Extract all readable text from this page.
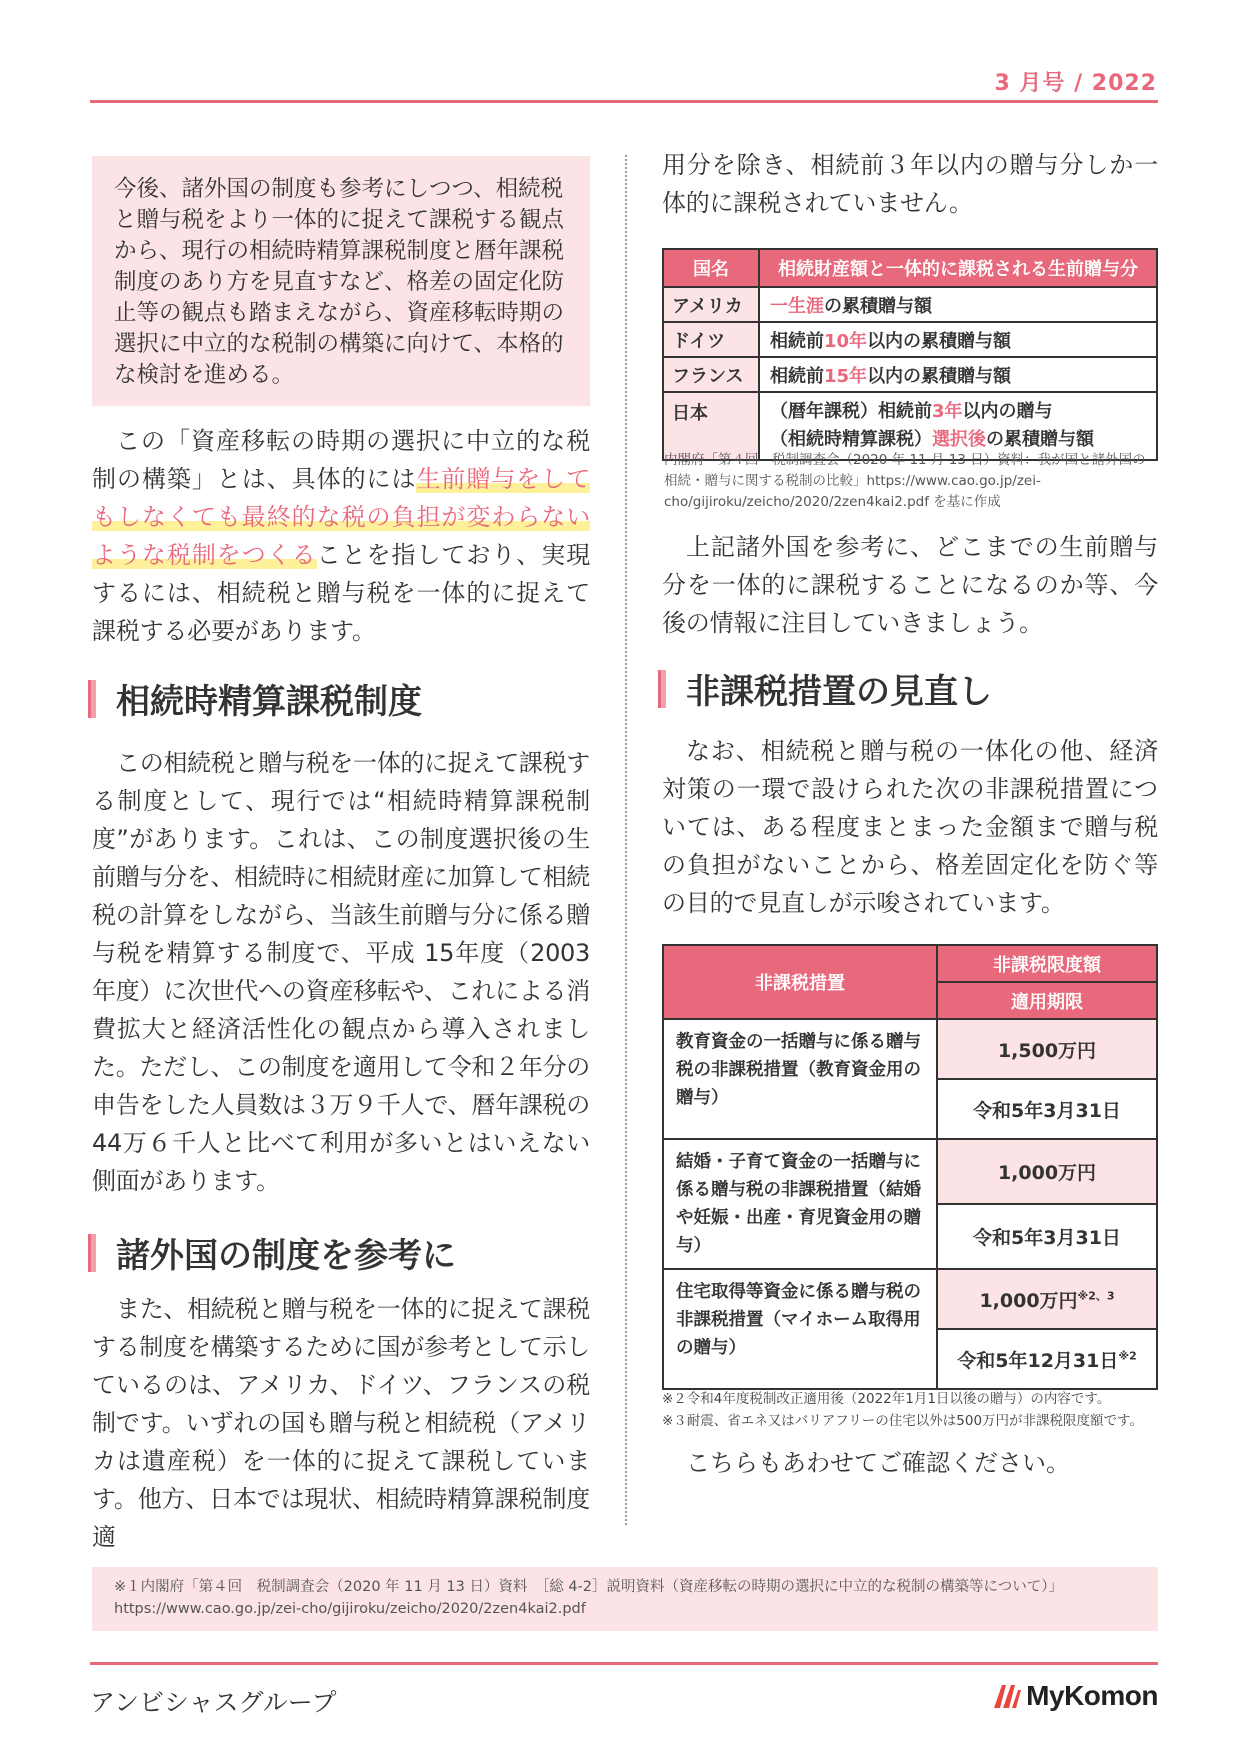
3 月号 / 2022

今後、諸外国の制度も参考にしつつ、相続税と贈与税をより一体的に捉えて課税する観点から、現行の相続時精算課税制度と暦年課税制度のあり方を見直すなど、格差の固定化防止等の観点も踏まえながら、資産移転時期の選択に中立的な税制の構築に向けて、本格的な検討を進める。

この「資産移転の時期の選択に中立的な税制の構築」とは、具体的には生前贈与をしてもしなくても最終的な税の負担が変わらないような税制をつくることを指しており、実現するには、相続税と贈与税を一体的に捉えて課税する必要があります。

相続時精算課税制度

この相続税と贈与税を一体的に捉えて課税する制度として、現行では“相続時精算課税制度”があります。これは、この制度選択後の生前贈与分を、相続時に相続財産に加算して相続税の計算をしながら、当該生前贈与分に係る贈与税を精算する制度で、平成 15年度（2003年度）に次世代への資産移転や、これによる消費拡大と経済活性化の観点から導入されました。ただし、この制度を適用して令和２年分の申告をした人員数は３万９千人で、暦年課税の44万６千人と比べて利用が多いとはいえない側面があります。

諸外国の制度を参考に

また、相続税と贈与税を一体的に捉えて課税する制度を構築するために国が参考として示しているのは、アメリカ、ドイツ、フランスの税制です。いずれの国も贈与税と相続税（アメリカは遺産税）を一体的に捉えて課税しています。他方、日本では現状、相続時精算課税制度適

用分を除き、相続前３年以内の贈与分しか一体的に課税されていません。

国名	相続財産額と一体的に課税される生前贈与分
アメリカ	一生涯の累積贈与額
ドイツ	相続前10年以内の累積贈与額
フランス	相続前15年以内の累積贈与額
日本	（暦年課税）相続前3年以内の贈与
（相続時精算課税）選択後の累積贈与額
内閣府「第４回　税制調査会（2020 年 11 月 13 日）資料：我が国と諸外国の相続・贈与に関する税制の比較」https://www.cao.go.jp/zei-cho/gijiroku/zeicho/2020/2zen4kai2.pdf を基に作成

上記諸外国を参考に、どこまでの生前贈与分を一体的に課税することになるのか等、今後の情報に注目していきましょう。

非課税措置の見直し

なお、相続税と贈与税の一体化の他、経済対策の一環で設けられた次の非課税措置については、ある程度まとまった金額まで贈与税の負担がないことから、格差固定化を防ぐ等の目的で見直しが示唆されています。

非課税措置	非課税限度額
	適用期限
教育資金の一括贈与に係る贈与税の非課税措置（教育資金用の贈与）	1,500万円
	令和5年3月31日
結婚・子育て資金の一括贈与に係る贈与税の非課税措置（結婚や妊娠・出産・育児資金用の贈与）	1,000万円
	令和5年3月31日
住宅取得等資金に係る贈与税の非課税措置（マイホーム取得用の贈与）	1,000万円$^{※2、3}$
	令和5年12月31日$^{※2}$
※２令和4年度税制改正適用後（2022年1月1日以後の贈与）の内容です。
※３耐震、省エネ又はバリアフリーの住宅以外は500万円が非課税限度額です。

こちらもあわせてご確認ください。

※１内閣府「第４回　税制調査会（2020 年 11 月 13 日）資料　［総 4-2］説明資料（資産移転の時期の選択に中立的な税制の構築等について）」
https://www.cao.go.jp/zei-cho/gijiroku/zeicho/2020/2zen4kai2.pdf
アンビシャスグループ	MyKomon
